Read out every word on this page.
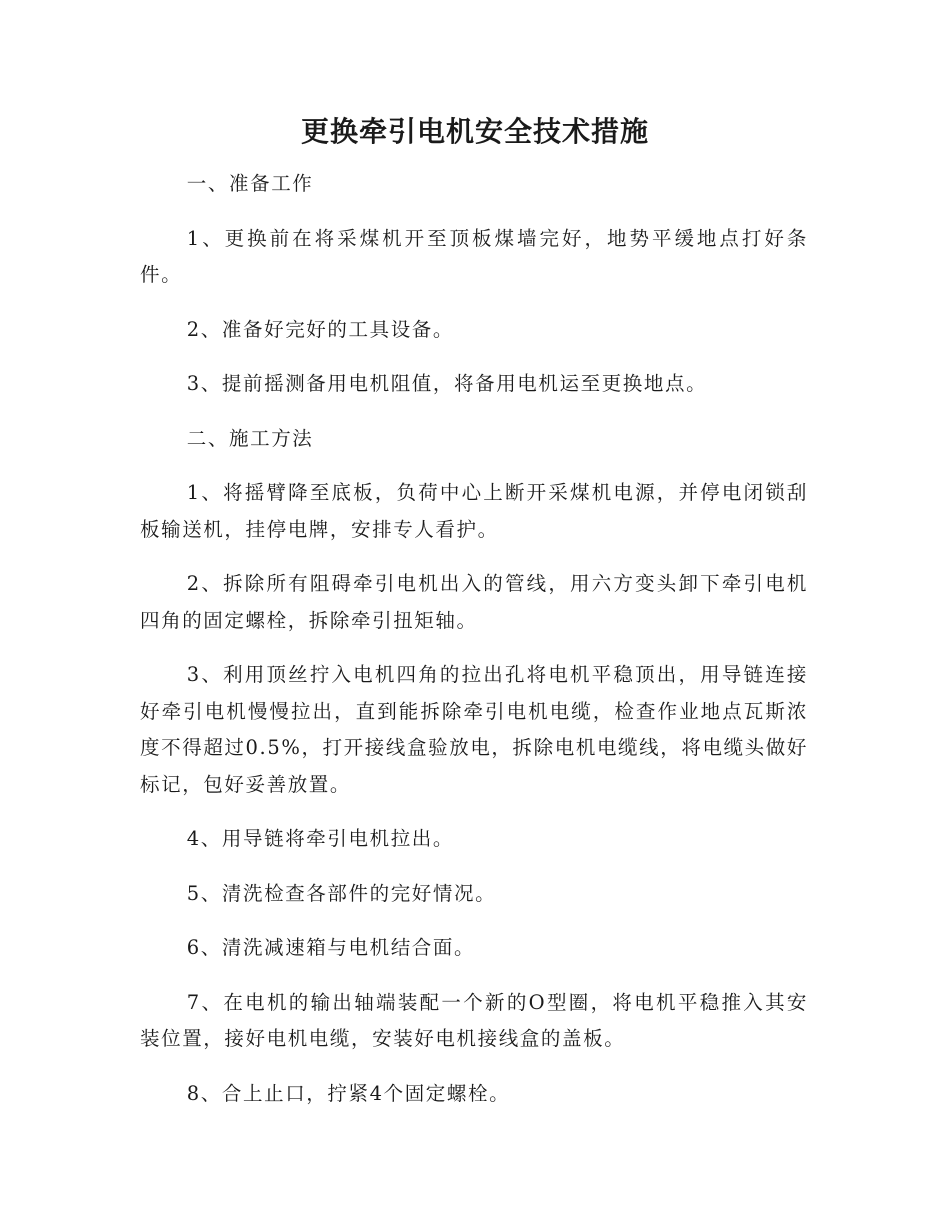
更换牵引电机安全技术措施

一、准备工作

1、更换前在将采煤机开至顶板煤墙完好，地势平缓地点打好条件。

2、准备好完好的工具设备。

3、提前摇测备用电机阻值，将备用电机运至更换地点。

二、施工方法

1、将摇臂降至底板，负荷中心上断开采煤机电源，并停电闭锁刮板输送机，挂停电牌，安排专人看护。

2、拆除所有阻碍牵引电机出入的管线，用六方变头卸下牵引电机四角的固定螺栓，拆除牵引扭矩轴。

3、利用顶丝拧入电机四角的拉出孔将电机平稳顶出，用导链连接好牵引电机慢慢拉出，直到能拆除牵引电机电缆，检查作业地点瓦斯浓度不得超过0.5%，打开接线盒验放电，拆除电机电缆线，将电缆头做好标记，包好妥善放置。

4、用导链将牵引电机拉出。

5、清洗检查各部件的完好情况。

6、清洗减速箱与电机结合面。

7、在电机的输出轴端装配一个新的O型圈，将电机平稳推入其安装位置，接好电机电缆，安装好电机接线盒的盖板。

8、合上止口，拧紧4个固定螺栓。
